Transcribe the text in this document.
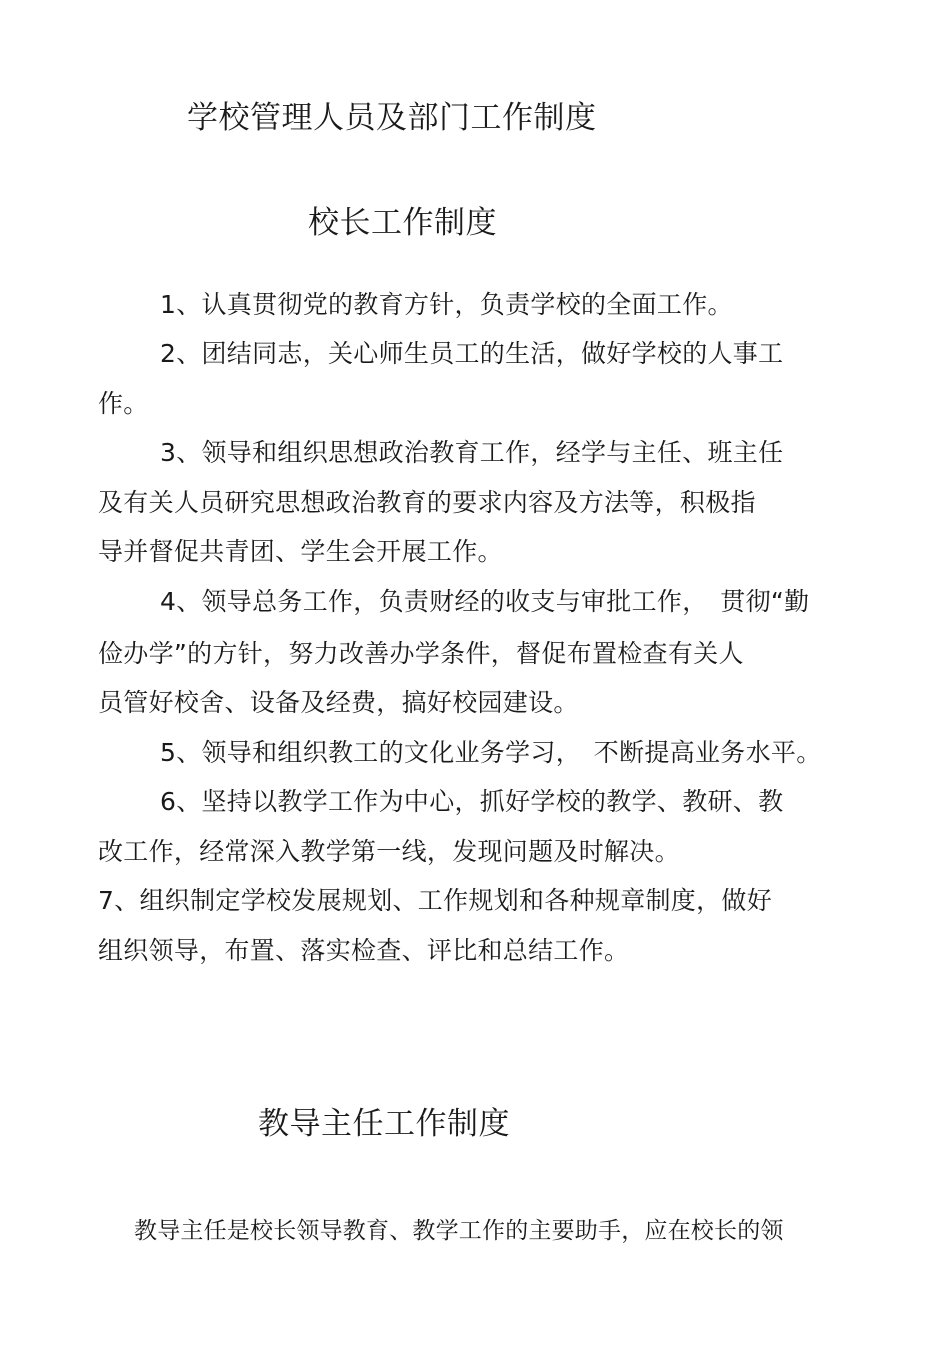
学校管理人员及部门工作制度
校长工作制度
1、认真贯彻党的教育方针，负责学校的全面工作。
2、团结同志，关心师生员工的生活，做好学校的人事工
作。
3、领导和组织思想政治教育工作，经学与主任、班主任
及有关人员研究思想政治教育的要求内容及方法等，积极指
导并督促共青团、学生会开展工作。
4、领导总务工作，负责财经的收支与审批工作，　贯彻“勤
俭办学”的方针，努力改善办学条件，督促布置检查有关人
员管好校舍、设备及经费，搞好校园建设。
5、领导和组织教工的文化业务学习，　不断提高业务水平。
6、坚持以教学工作为中心，抓好学校的教学、教研、教
改工作，经常深入教学第一线，发现问题及时解决。
7、组织制定学校发展规划、工作规划和各种规章制度，做好
组织领导，布置、落实检查、评比和总结工作。
教导主任工作制度
教导主任是校长领导教育、教学工作的主要助手，应在校长的领
